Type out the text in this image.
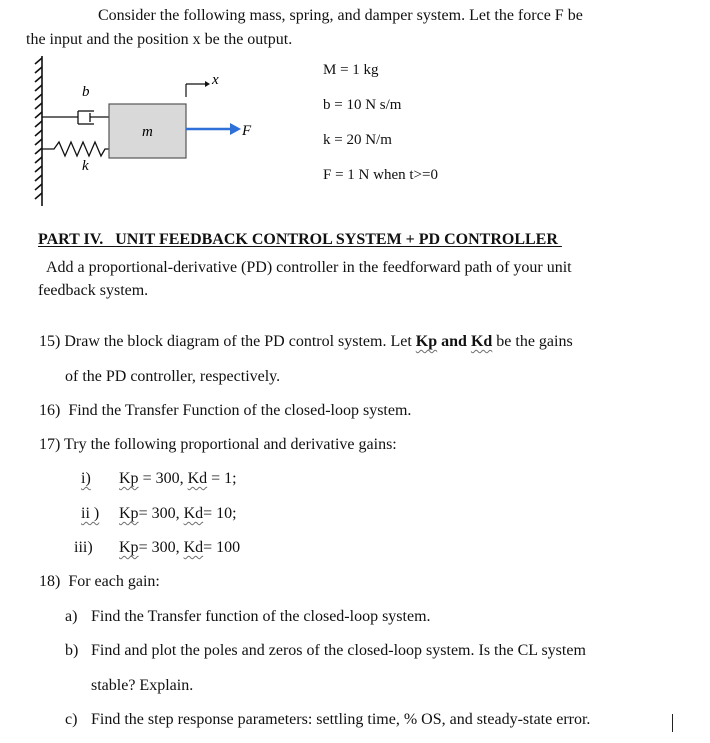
Consider the following mass, spring, and damper system. Let the force F be
the input and the position x be the output.
b
k
m
x
F
M = 1 kg
b = 10 N s/m
k = 20 N/m
F = 1 N when t>=0
PART IV.   UNIT FEEDBACK CONTROL SYSTEM + PD CONTROLLER
Add a proportional-derivative (PD) controller in the feedforward path of your unit
feedback system.
15) Draw the block diagram of the PD control system. Let Kp and Kd be the gains
of the PD controller, respectively.
16) Find the Transfer Function of the closed-loop system.
17) Try the following proportional and derivative gains:
i) Kp = 300, Kd = 1;
ii ) Kp= 300, Kd= 10;
iii) Kp= 300, Kd= 100
18) For each gain:
a) Find the Transfer function of the closed-loop system.
b) Find and plot the poles and zeros of the closed-loop system. Is the CL system
stable? Explain.
c) Find the step response parameters: settling time, % OS, and steady-state error.
